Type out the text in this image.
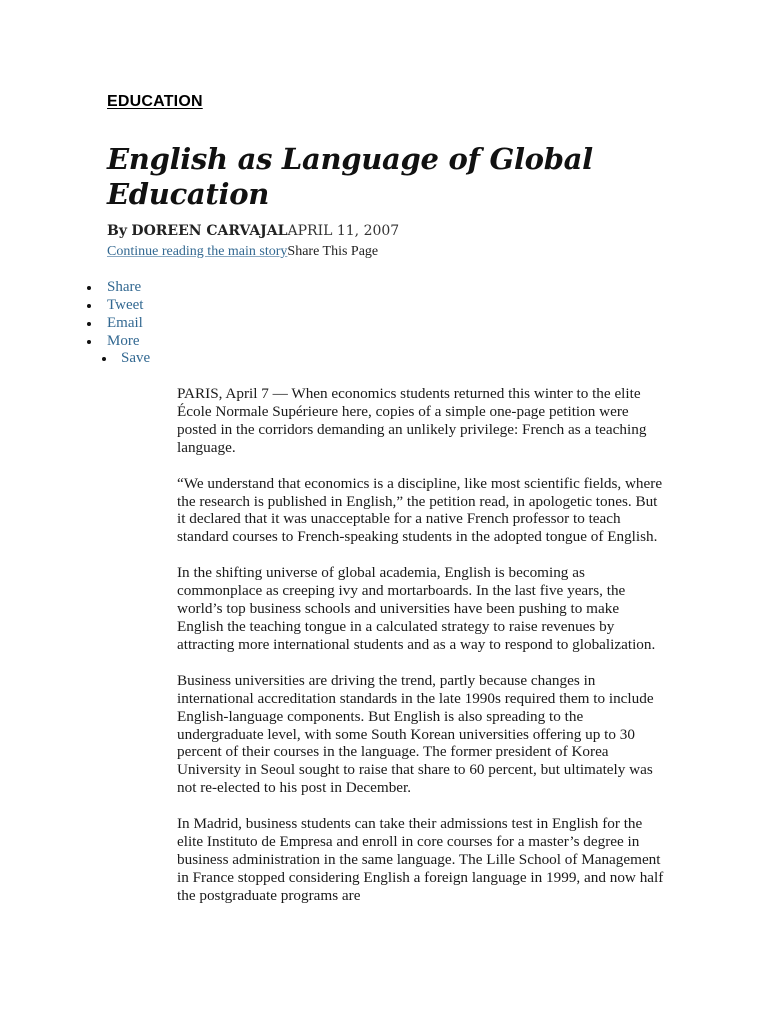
EDUCATION
English as Language of Global Education
By DOREEN CARVAJALAPRIL 11, 2007
Continue reading the main storyShare This Page
Share
Tweet
Email
More
Save

PARIS, April 7 — When economics students returned this winter to the elite École Normale Supérieure here, copies of a simple one-page petition were posted in the corridors demanding an unlikely privilege: French as a teaching language.

“We understand that economics is a discipline, like most scientific fields, where the research is published in English,” the petition read, in apologetic tones. But it declared that it was unacceptable for a native French professor to teach standard courses to French-speaking students in the adopted tongue of English.

In the shifting universe of global academia, English is becoming as commonplace as creeping ivy and mortarboards. In the last five years, the world’s top business schools and universities have been pushing to make English the teaching tongue in a calculated strategy to raise revenues by attracting more international students and as a way to respond to globalization.

Business universities are driving the trend, partly because changes in international accreditation standards in the late 1990s required them to include English-language components. But English is also spreading to the undergraduate level, with some South Korean universities offering up to 30 percent of their courses in the language. The former president of Korea University in Seoul sought to raise that share to 60 percent, but ultimately was not re-elected to his post in December.

In Madrid, business students can take their admissions test in English for the elite Instituto de Empresa and enroll in core courses for a master’s degree in business administration in the same language. The Lille School of Management in France stopped considering English a foreign language in 1999, and now half the postgraduate programs are
